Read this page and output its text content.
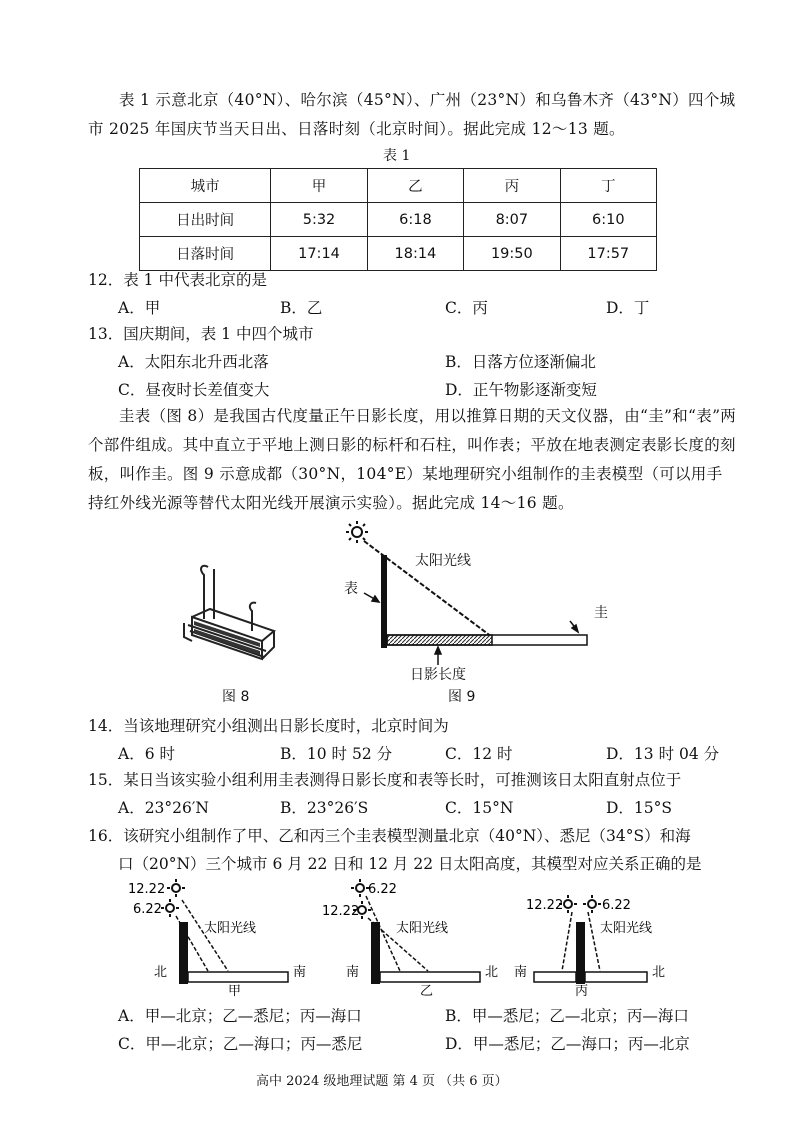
表 1 示意北京（40°N）、哈尔滨（45°N）、广州（23°N）和乌鲁木齐（43°N）四个城市 2025 年国庆节当天日出、日落时刻（北京时间）。据此完成 12～13 题。
表 1
城市	甲	乙	丙	丁
日出时间	5:32	6:18	8:07	6:10
日落时间	17:14	18:14	19:50	17:57
12．表 1 中代表北京的是
A．甲	B．乙	C．丙	D．丁
13．国庆期间，表 1 中四个城市
A．太阳东北升西北落	B．日落方位逐渐偏北
C．昼夜时长差值变大	D．正午物影逐渐变短
圭表（图 8）是我国古代度量正午日影长度，用以推算日期的天文仪器，由“圭”和“表”两个部件组成。其中直立于平地上测日影的标杆和石柱，叫作表；平放在地表测定表影长度的刻板，叫作圭。图 9 示意成都（30°N，104°E）某地理研究小组制作的圭表模型（可以用手持红外线光源等替代太阳光线开展演示实验）。据此完成 14～16 题。
图 8
太阳光线
表
圭
日影长度
图 9
14．当该地理研究小组测出日影长度时，北京时间为
A．6 时	B．10 时 52 分	C．12 时	D．13 时 04 分
15．某日当该实验小组利用圭表测得日影长度和表等长时，可推测该日太阳直射点位于
A．23°26′N	B．23°26′S	C．15°N	D．15°S
16．该研究小组制作了甲、乙和丙三个圭表模型测量北京（40°N）、悉尼（34°S）和海
口（20°N）三个城市 6 月 22 日和 12 月 22 日太阳高度，其模型对应关系正确的是
12.22
6.22
太阳光线
北	南
甲
6.22
12.22
太阳光线
南	北
乙
12.22	6.22
太阳光线
南	北
丙
A．甲—北京；乙—悉尼；丙—海口	B．甲—悉尼；乙—北京；丙—海口
C．甲—北京；乙—海口；丙—悉尼	D．甲—悉尼；乙—海口；丙—北京
高中 2024 级地理试题 第 4 页 （共 6 页）
